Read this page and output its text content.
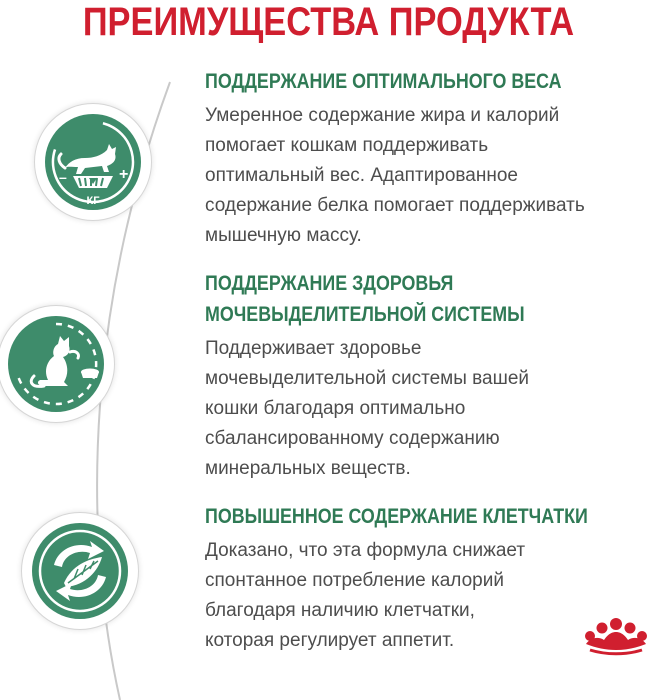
ПРЕИМУЩЕСТВА ПРОДУКТА
–	+
КГ
ПОДДЕРЖАНИЕ ОПТИМАЛЬНОГО ВЕСА
Умеренное содержание жира и калорий
помогает кошкам поддерживать
оптимальный вес. Адаптированное
содержание белка помогает поддерживать
мышечную массу.
ПОДДЕРЖАНИЕ ЗДОРОВЬЯ
МОЧЕВЫДЕЛИТЕЛЬНОЙ СИСТЕМЫ
Поддерживает здоровье
мочевыделительной системы вашей
кошки благодаря оптимально
сбалансированному содержанию
минеральных веществ.
ПОВЫШЕННОЕ СОДЕРЖАНИЕ КЛЕТЧАТКИ
Доказано, что эта формула снижает
спонтанное потребление калорий
благодаря наличию клетчатки,
которая регулирует аппетит.
